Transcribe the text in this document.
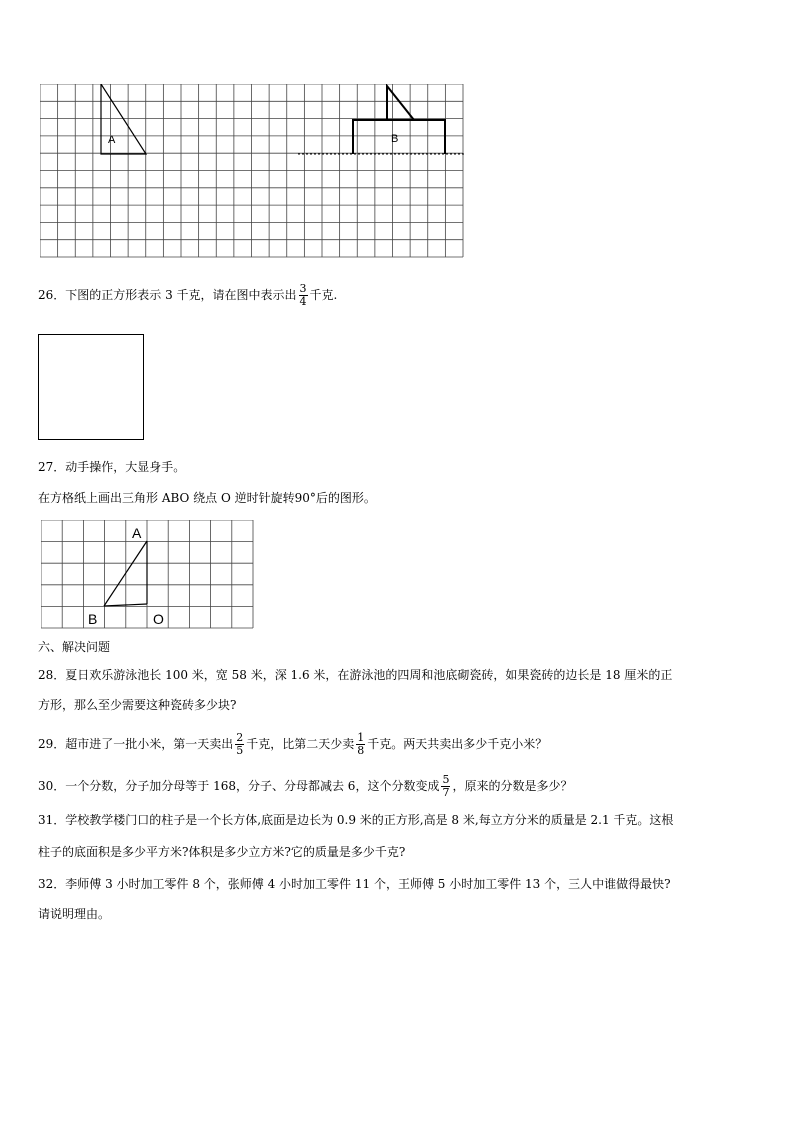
A	B
26．下图的正方形表示 3 千克，请在图中表示出 $\frac{3}{4}$ 千克.
27．动手操作，大显身手。
在方格纸上画出三角形 ABO 绕点 O 逆时针旋转90°后的图形。
A
B	O
六、解决问题
28．夏日欢乐游泳池长 100 米，宽 58 米，深 1.6 米，在游泳池的四周和池底砌瓷砖，如果瓷砖的边长是 18 厘米的正
方形，那么至少需要这种瓷砖多少块?
29．超市进了一批小米，第一天卖出 $\frac{2}{5}$ 千克，比第二天少卖 $\frac{1}{8}$ 千克。两天共卖出多少千克小米？
30．一个分数，分子加分母等于 168，分子、分母都减去 6，这个分数变成 $\frac{5}{7}$ ，原来的分数是多少？
31．学校教学楼门口的柱子是一个长方体,底面是边长为 0.9 米的正方形,高是 8 米,每立方分米的质量是 2.1 千克。这根
柱子的底面积是多少平方米?体积是多少立方米?它的质量是多少千克?
32．李师傅 3 小时加工零件 8 个，张师傅 4 小时加工零件 11 个，王师傅 5 小时加工零件 13 个，三人中谁做得最快?
请说明理由。
